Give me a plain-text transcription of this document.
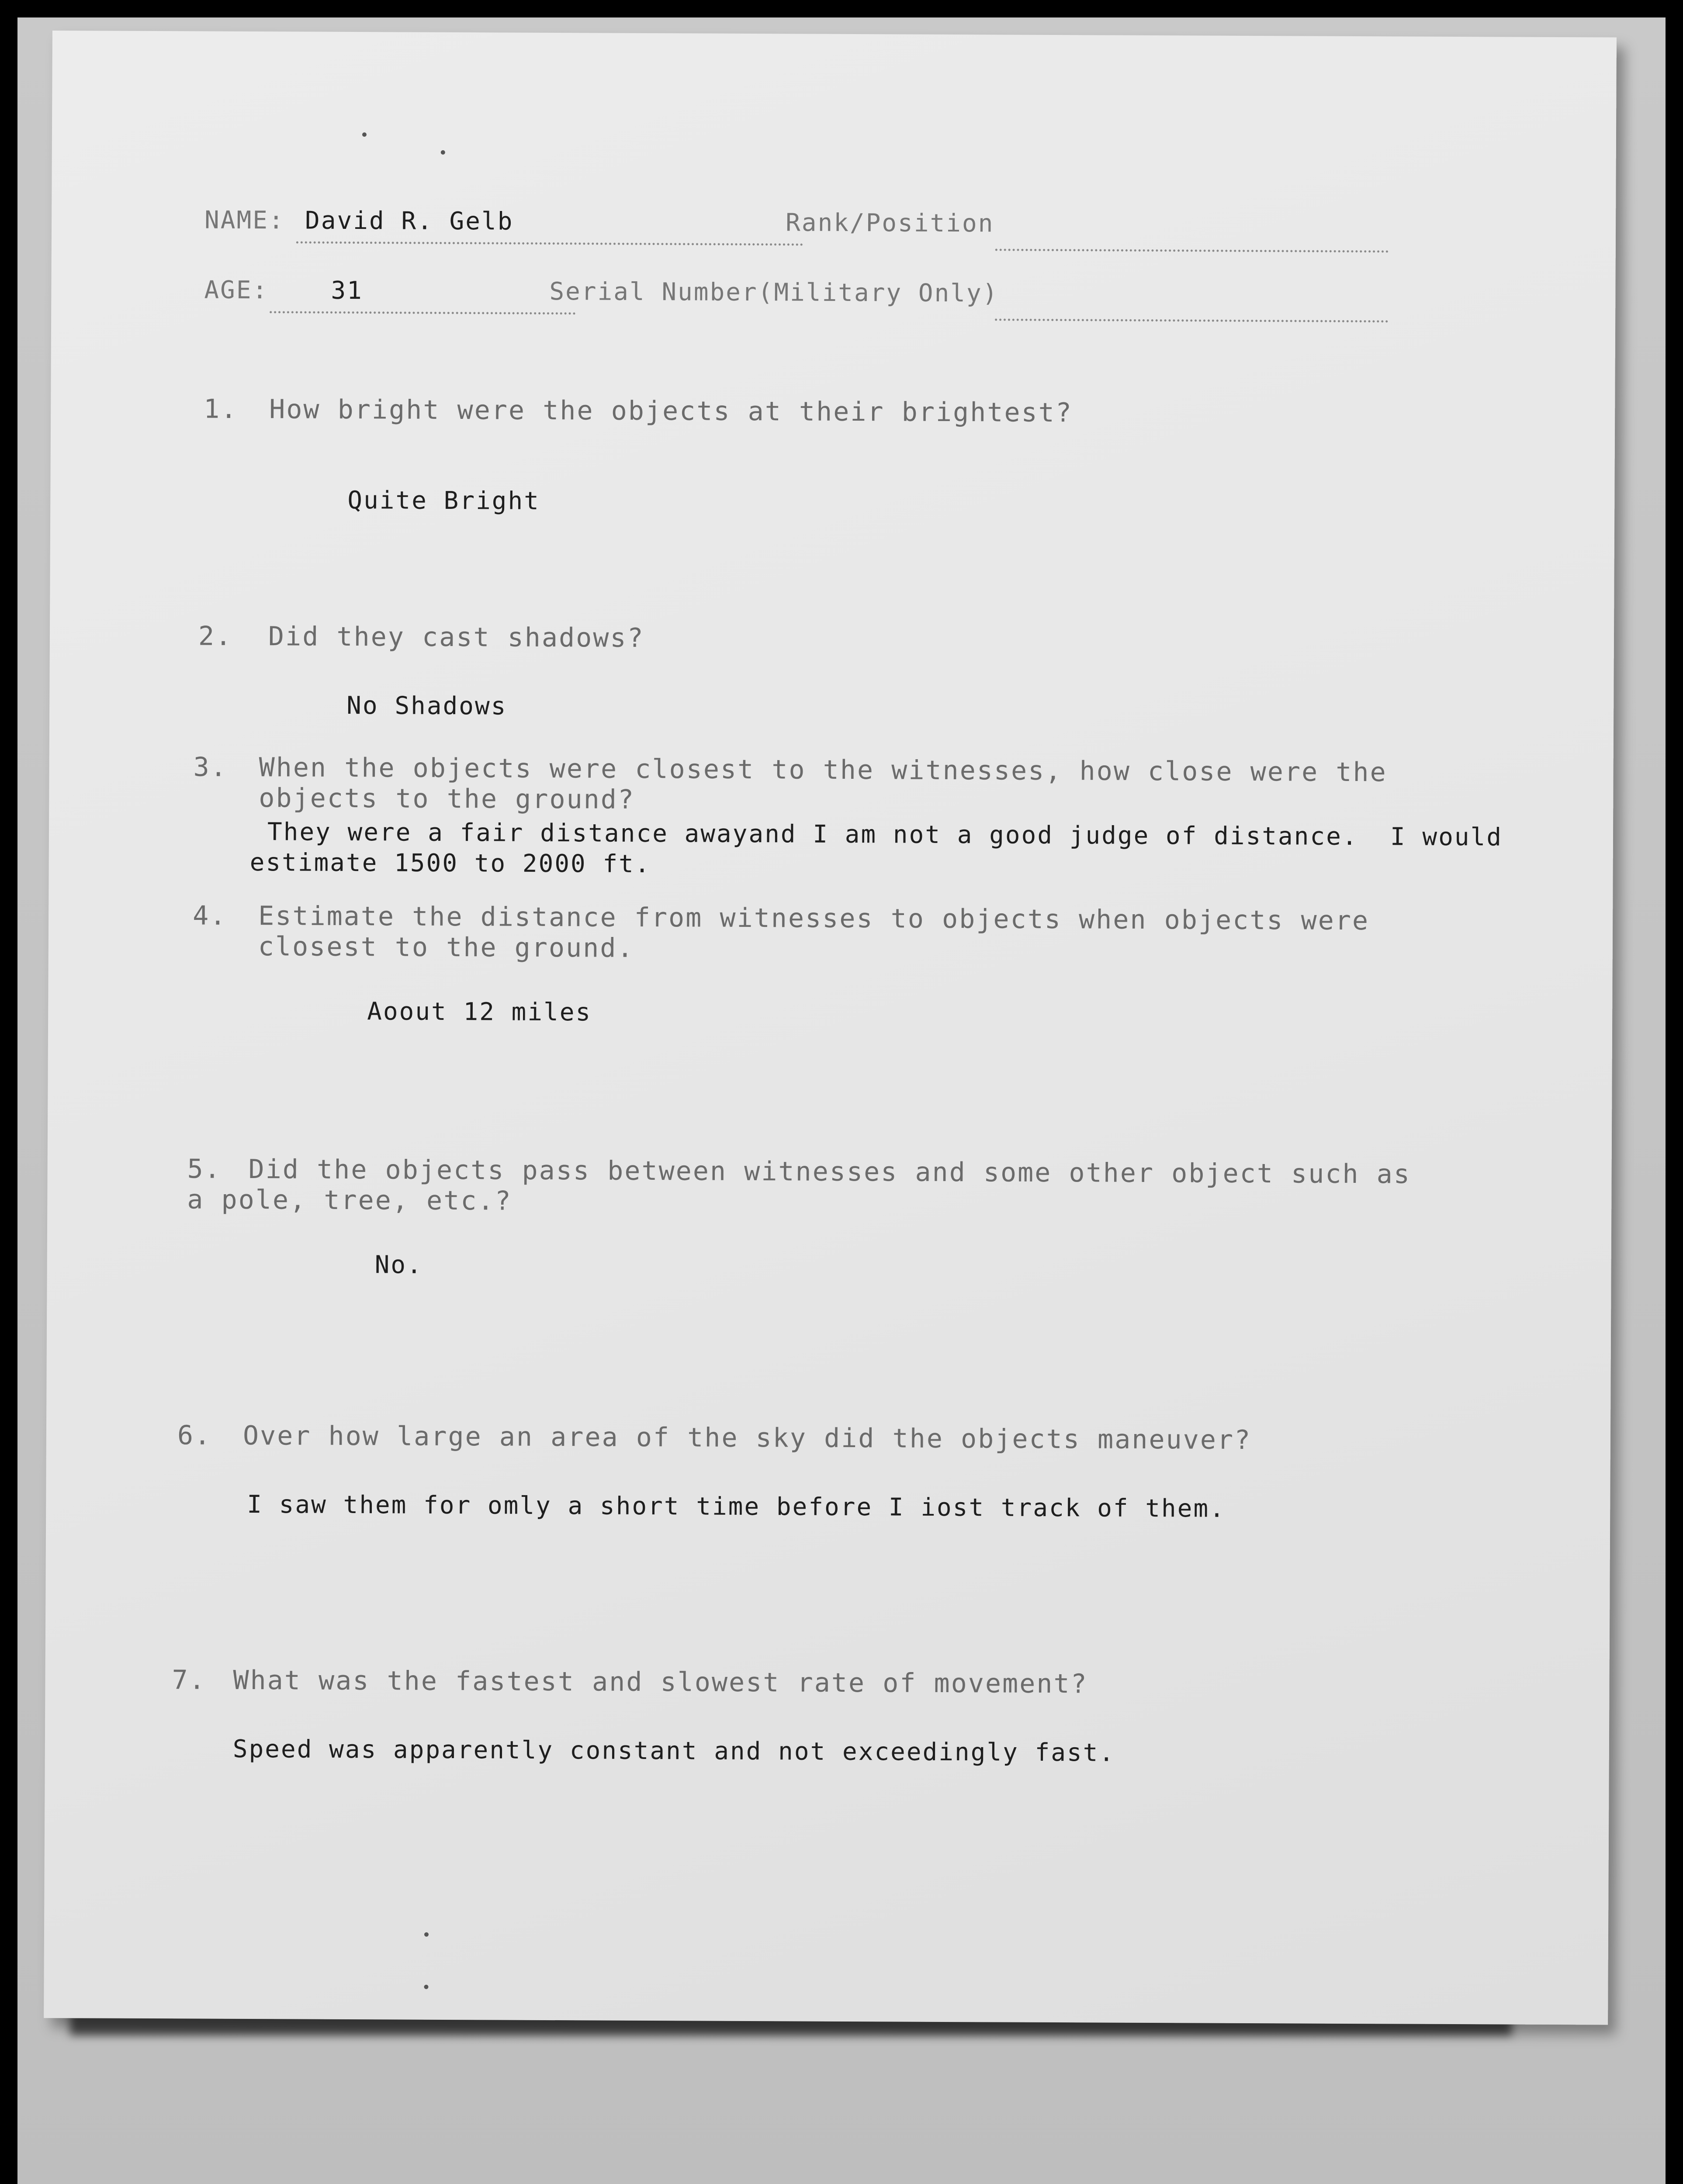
NAME: David R. Gelb	Rank/Position
AGE:	31	Serial Number(Military Only)
1. How bright were the objects at their brightest?
Quite Bright
2. Did they cast shadows?
No Shadows
3. When the objects were closest to the witnesses, how close were the
objects to the ground?
They were a fair distance awayand I am not a good judge of distance.  I would
estimate 1500 to 2000 ft.
4. Estimate the distance from witnesses to objects when objects were
closest to the ground.
Aoout 12 miles
5. Did the objects pass between witnesses and some other object such as
a pole, tree, etc.?
No.
6. Over how large an area of the sky did the objects maneuver?
I saw them for omly a short time before I iost track of them.
7. What was the fastest and slowest rate of movement?
Speed was apparently constant and not exceedingly fast.
